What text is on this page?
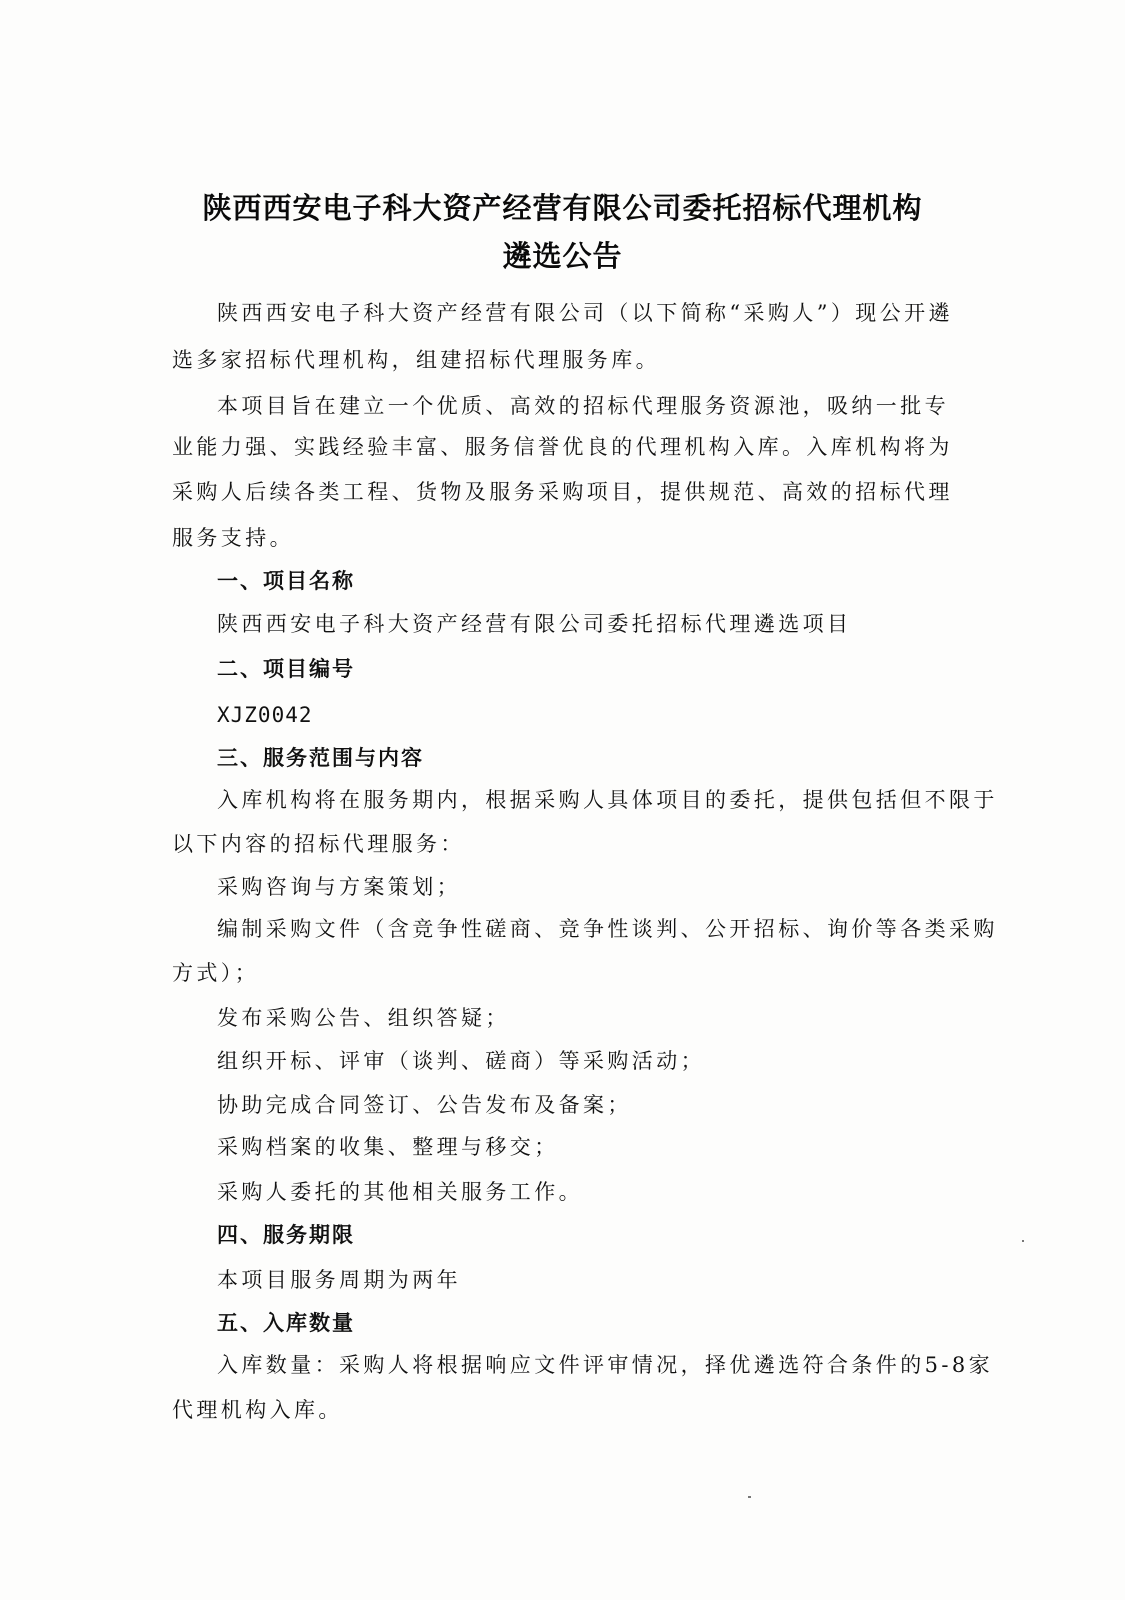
陕西西安电子科大资产经营有限公司委托招标代理机构
遴选公告
陕西西安电子科大资产经营有限公司（以下简称“采购人”）现公开遴
选多家招标代理机构，组建招标代理服务库。
本项目旨在建立一个优质、高效的招标代理服务资源池，吸纳一批专
业能力强、实践经验丰富、服务信誉优良的代理机构入库。入库机构将为
采购人后续各类工程、货物及服务采购项目，提供规范、高效的招标代理
服务支持。
一、项目名称
陕西西安电子科大资产经营有限公司委托招标代理遴选项目
二、项目编号
XJZ0042
三、服务范围与内容
入库机构将在服务期内，根据采购人具体项目的委托，提供包括但不限于
以下内容的招标代理服务：
采购咨询与方案策划；
编制采购文件（含竞争性磋商、竞争性谈判、公开招标、询价等各类采购
方式）；
发布采购公告、组织答疑；
组织开标、评审（谈判、磋商）等采购活动；
协助完成合同签订、公告发布及备案；
采购档案的收集、整理与移交；
采购人委托的其他相关服务工作。
四、服务期限
本项目服务周期为两年
五、入库数量
入库数量：采购人将根据响应文件评审情况，择优遴选符合条件的5-8家
代理机构入库。
